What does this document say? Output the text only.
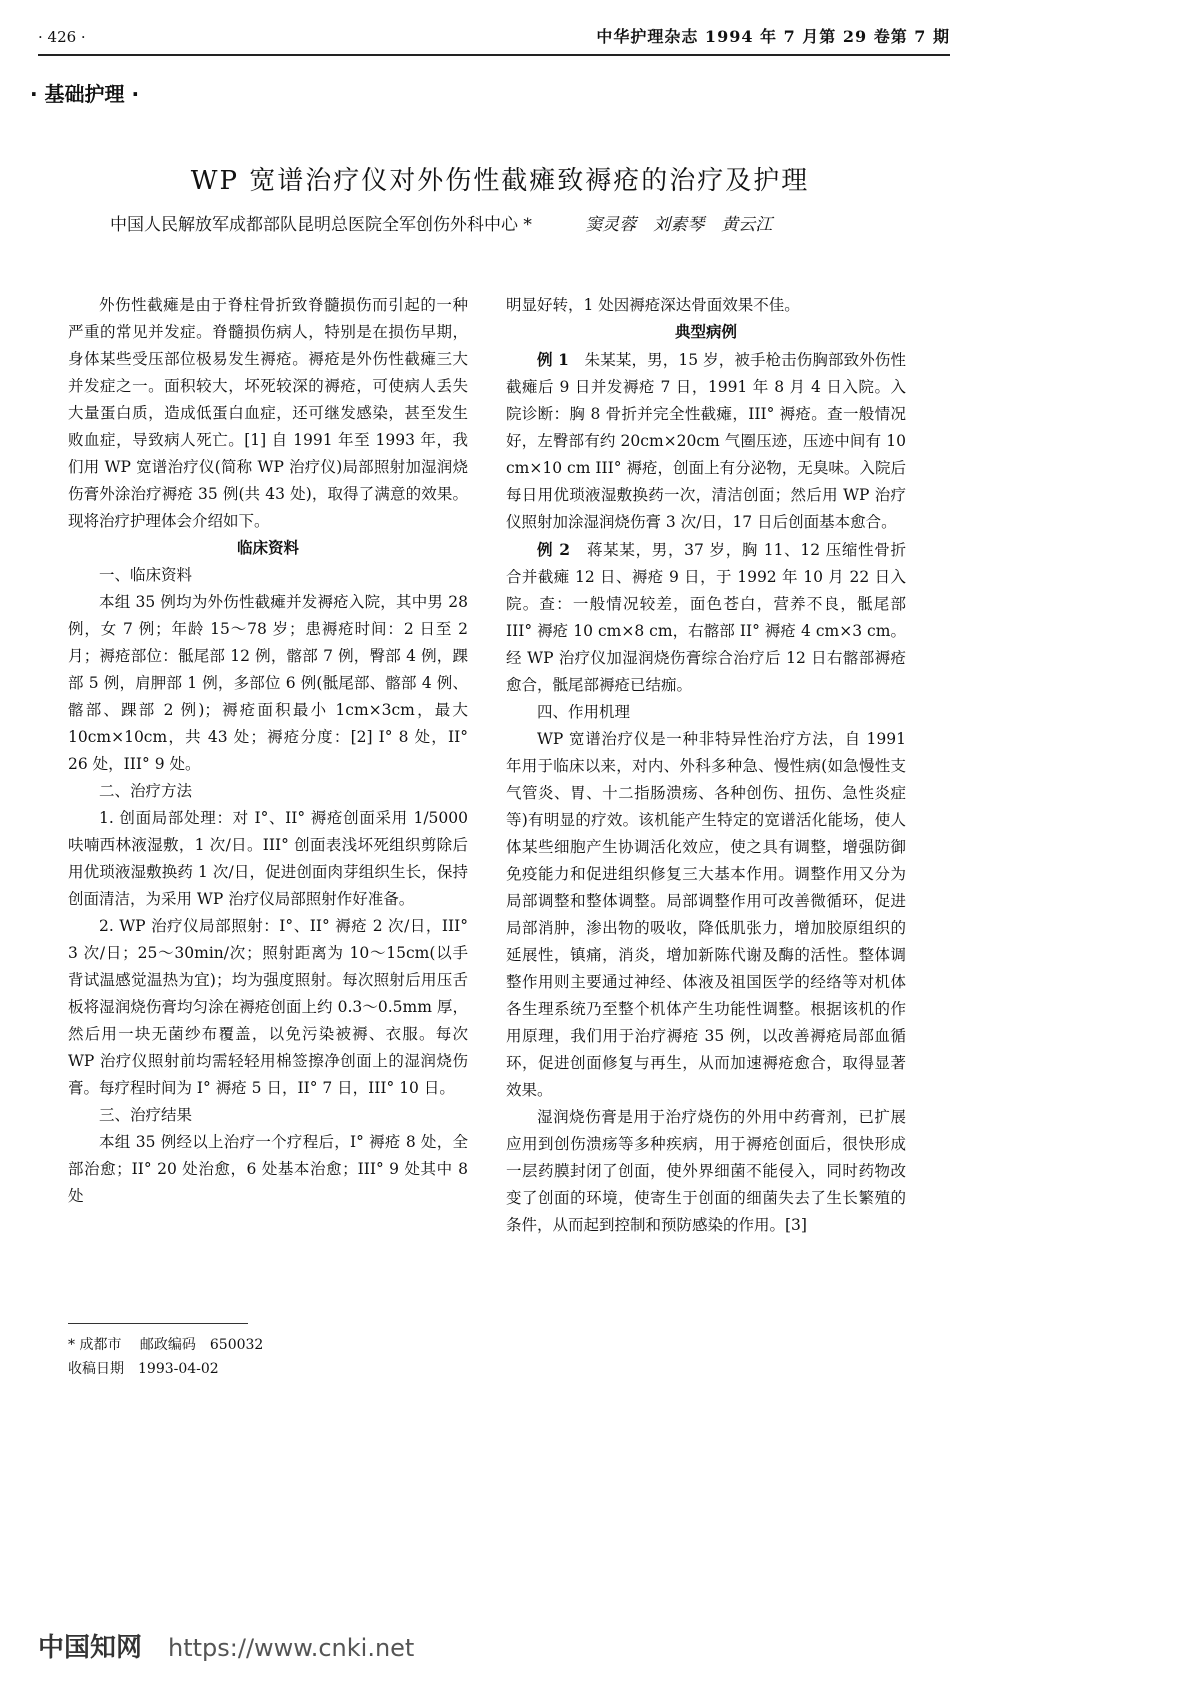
· 426 ·	中华护理杂志 1994 年 7 月第 29 卷第 7 期
· 基础护理 ·
WP 宽谱治疗仪对外伤性截瘫致褥疮的治疗及护理
中国人民解放军成都部队昆明总医院全军创伤外科中心 *	窦灵蓉　刘素琴　黄云江

外伤性截瘫是由于脊柱骨折致脊髓损伤而引起的一种严重的常见并发症。脊髓损伤病人，特别是在损伤早期，身体某些受压部位极易发生褥疮。褥疮是外伤性截瘫三大并发症之一。面积较大，坏死较深的褥疮，可使病人丢失大量蛋白质，造成低蛋白血症，还可继发感染，甚至发生败血症，导致病人死亡。[1] 自 1991 年至 1993 年，我们用 WP 宽谱治疗仪(简称 WP 治疗仪)局部照射加湿润烧伤膏外涂治疗褥疮 35 例(共 43 处)，取得了满意的效果。现将治疗护理体会介绍如下。

临床资料
一、临床资料

本组 35 例均为外伤性截瘫并发褥疮入院，其中男 28 例，女 7 例；年龄 15～78 岁；患褥疮时间：2 日至 2 月；褥疮部位：骶尾部 12 例，髂部 7 例，臀部 4 例，踝部 5 例，肩胛部 1 例，多部位 6 例(骶尾部、髂部 4 例、髂部、踝部 2 例)；褥疮面积最小 1cm×3cm，最大 10cm×10cm，共 43 处；褥疮分度：[2] I° 8 处，II° 26 处，III° 9 处。

二、治疗方法

1. 创面局部处理：对 I°、II° 褥疮创面采用 1/5000 呋喃西林液湿敷，1 次/日。III° 创面表浅坏死组织剪除后用优琐液湿敷换药 1 次/日，促进创面肉芽组织生长，保持创面清洁，为采用 WP 治疗仪局部照射作好准备。

2. WP 治疗仪局部照射：I°、II° 褥疮 2 次/日，III° 3 次/日；25～30min/次；照射距离为 10～15cm(以手背试温感觉温热为宜)；均为强度照射。每次照射后用压舌板将湿润烧伤膏均匀涂在褥疮创面上约 0.3～0.5mm 厚，然后用一块无菌纱布覆盖，以免污染被褥、衣服。每次 WP 治疗仪照射前均需轻轻用棉签擦净创面上的湿润烧伤膏。每疗程时间为 I° 褥疮 5 日，II° 7 日，III° 10 日。

三、治疗结果

本组 35 例经以上治疗一个疗程后，I° 褥疮 8 处，全部治愈；II° 20 处治愈，6 处基本治愈；III° 9 处其中 8 处

明显好转，1 处因褥疮深达骨面效果不佳。

典型病例

例 1　 朱某某，男，15 岁，被手枪击伤胸部致外伤性截瘫后 9 日并发褥疮 7 日，1991 年 8 月 4 日入院。入院诊断：胸 8 骨折并完全性截瘫，III° 褥疮。查一般情况好，左臀部有约 20cm×20cm 气圈压迹，压迹中间有 10 cm×10 cm III° 褥疮，创面上有分泌物，无臭味。入院后每日用优琐液湿敷换药一次，清洁创面；然后用 WP 治疗仪照射加涂湿润烧伤膏 3 次/日，17 日后创面基本愈合。

例 2　 蒋某某，男，37 岁，胸 11、12 压缩性骨折合并截瘫 12 日、褥疮 9 日，于 1992 年 10 月 22 日入院。查：一般情况较差，面色苍白，营养不良，骶尾部 III° 褥疮 10 cm×8 cm，右髂部 II° 褥疮 4 cm×3 cm。经 WP 治疗仪加湿润烧伤膏综合治疗后 12 日右髂部褥疮愈合，骶尾部褥疮已结痂。

四、作用机理

WP 宽谱治疗仪是一种非特异性治疗方法，自 1991 年用于临床以来，对内、外科多种急、慢性病(如急慢性支气管炎、胃、十二指肠溃疡、各种创伤、扭伤、急性炎症等)有明显的疗效。该机能产生特定的宽谱活化能场，使人体某些细胞产生协调活化效应，使之具有调整，增强防御免疫能力和促进组织修复三大基本作用。调整作用又分为局部调整和整体调整。局部调整作用可改善微循环，促进局部消肿，渗出物的吸收，降低肌张力，增加胶原组织的延展性，镇痛，消炎，增加新陈代谢及酶的活性。整体调整作用则主要通过神经、体液及祖国医学的经络等对机体各生理系统乃至整个机体产生功能性调整。根据该机的作用原理，我们用于治疗褥疮 35 例，以改善褥疮局部血循环，促进创面修复与再生，从而加速褥疮愈合，取得显著效果。

湿润烧伤膏是用于治疗烧伤的外用中药膏剂，已扩展应用到创伤溃疡等多种疾病，用于褥疮创面后，很快形成一层药膜封闭了创面，使外界细菌不能侵入，同时药物改变了创面的环境，使寄生于创面的细菌失去了生长繁殖的条件，从而起到控制和预防感染的作用。[3]

* 成都市　 邮政编码　650032
收稿日期　1993-04-02
中国知网 https://www.cnki.net
